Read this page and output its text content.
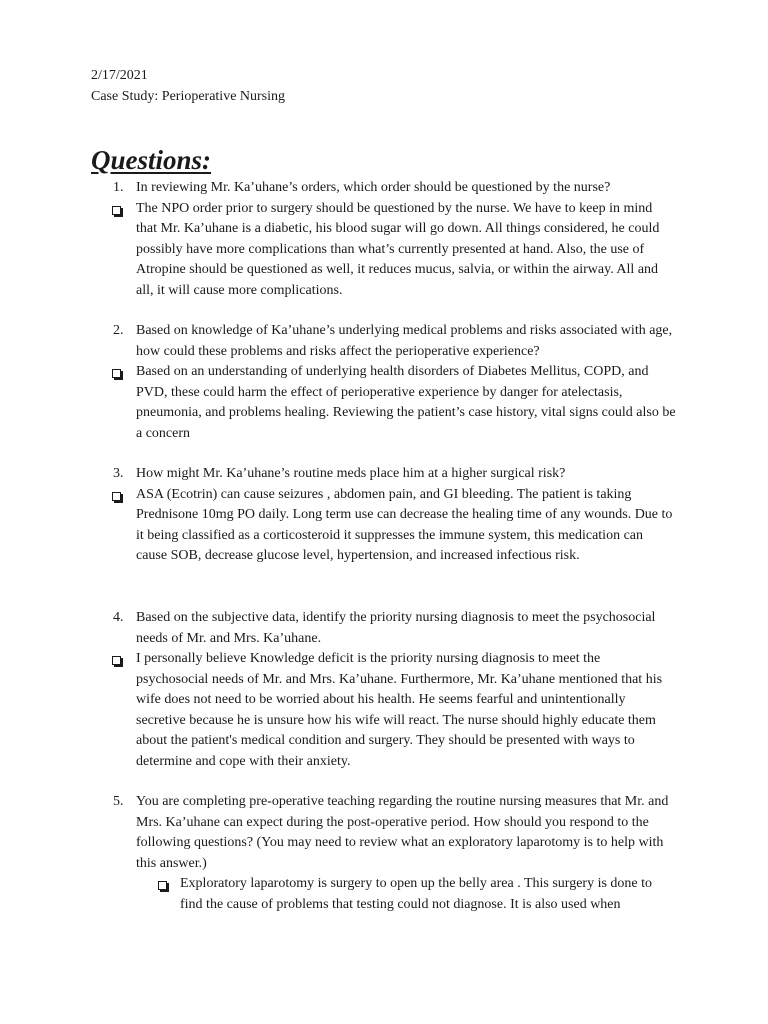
2/17/2021
Case Study: Perioperative Nursing
Questions:
1. In reviewing Mr. Ka’uhane’s orders, which order should be questioned by the nurse?
The NPO order prior to surgery should be questioned by the nurse. We have to keep in mind that Mr. Ka’uhane is a diabetic, his blood sugar will go down. All things considered, he could possibly have more complications than what’s currently presented at hand. Also, the use of Atropine should be questioned as well, it reduces mucus, salvia, or within the airway. All and all, it will cause more complications.
2. Based on knowledge of Ka’uhane’s underlying medical problems and risks associated with age, how could these problems and risks affect the perioperative experience?
Based on an understanding of underlying health disorders of Diabetes Mellitus, COPD, and PVD, these could harm the effect of perioperative experience by danger for atelectasis, pneumonia, and problems healing. Reviewing the patient’s case history, vital signs could also be a concern
3. How might Mr. Ka’uhane’s routine meds place him at a higher surgical risk?
ASA (Ecotrin) can cause seizures , abdomen pain, and GI bleeding. The patient is taking Prednisone 10mg PO daily. Long term use can decrease the healing time of any wounds. Due to it being classified as a corticosteroid it suppresses the immune system, this medication can cause SOB, decrease glucose level, hypertension, and increased infectious risk.
4. Based on the subjective data, identify the priority nursing diagnosis to meet the psychosocial needs of Mr. and Mrs. Ka’uhane.
I personally believe Knowledge deficit is the priority nursing diagnosis to meet the psychosocial needs of Mr. and Mrs. Ka’uhane. Furthermore, Mr. Ka’uhane mentioned that his wife does not need to be worried about his health. He seems fearful and unintentionally secretive because he is unsure how his wife will react. The nurse should highly educate them about the patient's medical condition and surgery. They should be presented with ways to determine and cope with their anxiety.
5. You are completing pre-operative teaching regarding the routine nursing measures that Mr. and Mrs. Ka’uhane can expect during the post-operative period. How should you respond to the following questions? (You may need to review what an exploratory laparotomy is to help with this answer.)
Exploratory laparotomy is surgery to open up the belly area . This surgery is done to find the cause of problems that testing could not diagnose. It is also used when
